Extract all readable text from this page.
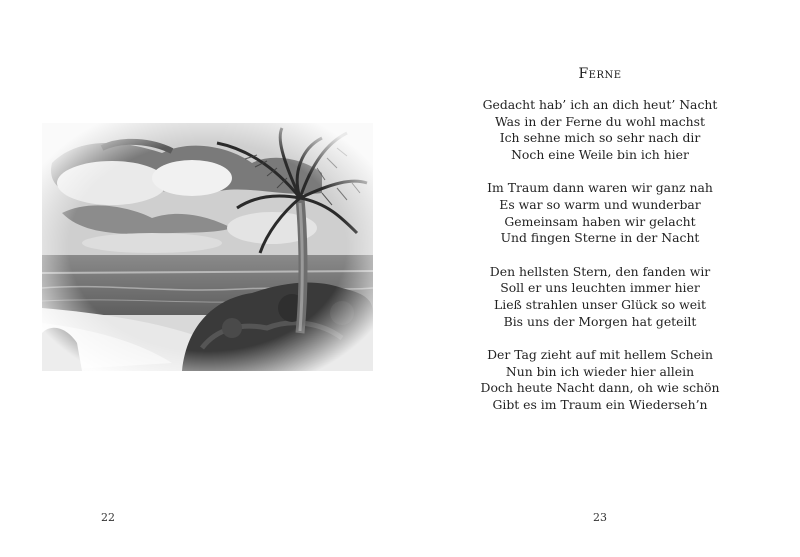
22
Ferne
Gedacht hab’ ich an dich heut’ Nacht
Was in der Ferne du wohl machst
Ich sehne mich so sehr nach dir
Noch eine Weile bin ich hier
Im Traum dann waren wir ganz nah
Es war so warm und wunderbar
Gemeinsam haben wir gelacht
Und fingen Sterne in der Nacht
Den hellsten Stern, den fanden wir
Soll er uns leuchten immer hier
Ließ strahlen unser Glück so weit
Bis uns der Morgen hat geteilt
Der Tag zieht auf mit hellem Schein
Nun bin ich wieder hier allein
Doch heute Nacht dann, oh wie schön
Gibt es im Traum ein Wiederseh’n
23
